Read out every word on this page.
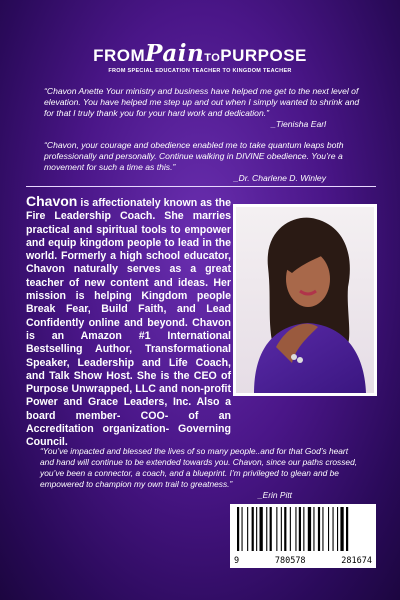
FROMPainTOPURPOSE
FROM SPECIAL EDUCATION TEACHER TO KINGDOM TEACHER
“Chavon Anette Your ministry and business have helped me get to the next level of elevation. You have helped me step up and out when I simply wanted to shrink and for that I truly thank you for your hard work and dedication.”
_Tienisha Earl
“Chavon, your courage and obedience enabled me to take quantum leaps both professionally and personally. Continue walking in DIVINE obedience. You’re a movement for such a time as this.”
_Dr. Charlene D. Winley
Chavon is affectionately known as the Fire Leadership Coach. She marries practical and spiritual tools to empower and equip kingdom people to lead in the world. Formerly a high school educator, Chavon naturally serves as a great teacher of new content and ideas. Her mission is helping Kingdom people Break Fear, Build Faith, and Lead Confidently online and beyond. Chavon is an Amazon #1 International Bestselling Author, Transformational Speaker, Leadership and Life Coach, and Talk Show Host. She is the CEO of Purpose Unwrapped, LLC and non-profit Power and Grace Leaders, Inc. Also a board member- COO- of an Accreditation organization- Governing Council.
“You’ve impacted and blessed the lives of so many people..and for that God’s heart and hand will continue to be extended towards you. Chavon, since our paths crossed, you’ve been a connector, a coach, and a blueprint. I’m privileged to glean and be empowered to champion my own trail to greatness.”
_Erin Pitt
9	780578	281674
